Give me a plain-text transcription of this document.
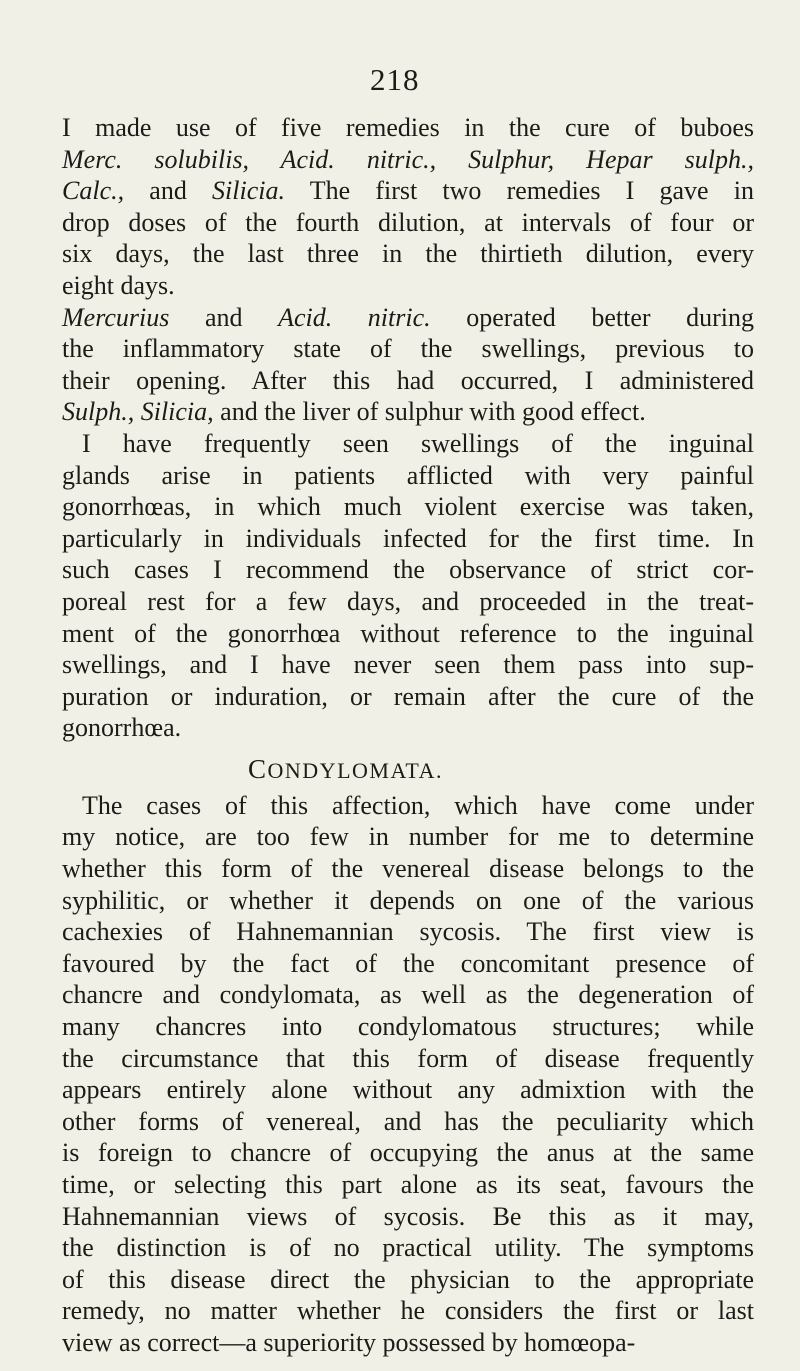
218
I made use of five remedies in the cure of buboes
Merc. solubilis, Acid. nitric., Sulphur, Hepar sulph.,
Calc., and Silicia. The first two remedies I gave in
drop doses of the fourth dilution, at intervals of four or
six days, the last three in the thirtieth dilution, every
eight days.
Mercurius and Acid. nitric. operated better during
the inflammatory state of the swellings, previous to
their opening. After this had occurred, I administered
Sulph., Silicia, and the liver of sulphur with good effect.
I have frequently seen swellings of the inguinal
glands arise in patients afflicted with very painful
gonorrhœas, in which much violent exercise was taken,
particularly in individuals infected for the first time. In
such cases I recommend the observance of strict cor-
poreal rest for a few days, and proceeded in the treat-
ment of the gonorrhœa without reference to the inguinal
swellings, and I have never seen them pass into sup-
puration or induration, or remain after the cure of the
gonorrhœa.
CONDYLOMATA.
The cases of this affection, which have come under
my notice, are too few in number for me to determine
whether this form of the venereal disease belongs to the
syphilitic, or whether it depends on one of the various
cachexies of Hahnemannian sycosis. The first view is
favoured by the fact of the concomitant presence of
chancre and condylomata, as well as the degeneration of
many chancres into condylomatous structures; while
the circumstance that this form of disease frequently
appears entirely alone without any admixtion with the
other forms of venereal, and has the peculiarity which
is foreign to chancre of occupying the anus at the same
time, or selecting this part alone as its seat, favours the
Hahnemannian views of sycosis. Be this as it may,
the distinction is of no practical utility. The symptoms
of this disease direct the physician to the appropriate
remedy, no matter whether he considers the first or last
view as correct—a superiority possessed by homœopa-
